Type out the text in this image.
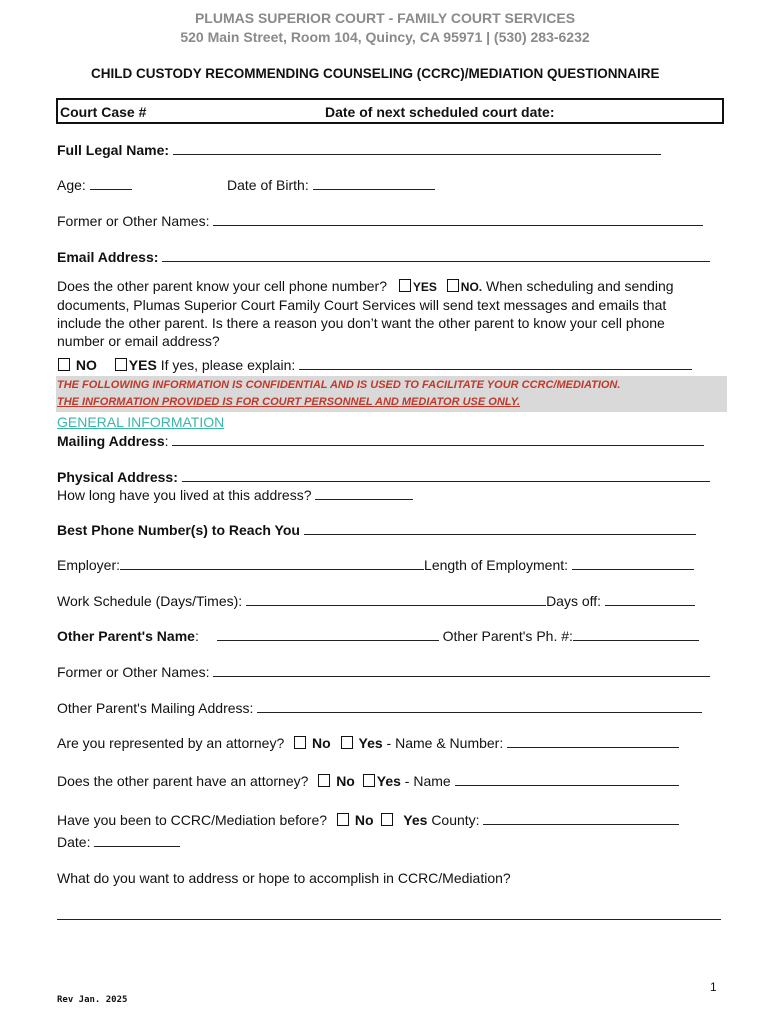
PLUMAS SUPERIOR COURT - FAMILY COURT SERVICES
520 Main Street, Room 104, Quincy, CA 95971 | (530) 283-6232
CHILD CUSTODY RECOMMENDING COUNSELING (CCRC)/MEDIATION QUESTIONNAIRE
Court Case #	Date of next scheduled court date:
Full Legal Name:
Age:	Date of Birth:
Former or Other Names:
Email Address:
Does the other parent know your cell phone number? YES NO. When scheduling and sending
documents, Plumas Superior Court Family Court Services will send text messages and emails that
include the other parent. Is there a reason you don’t want the other parent to know your cell phone
number or email address?
NO YES If yes, please explain:
THE FOLLOWING INFORMATION IS CONFIDENTIAL AND IS USED TO FACILITATE YOUR CCRC/MEDIATION.
THE INFORMATION PROVIDED IS FOR COURT PERSONNEL AND MEDIATOR USE ONLY.
GENERAL INFORMATION
Mailing Address:
Physical Address:
How long have you lived at this address?
Best Phone Number(s) to Reach You
Employer:	Length of Employment:
Work Schedule (Days/Times):	Days off:
Other Parent's Name:	Other Parent's Ph. #:
Former or Other Names:
Other Parent's Mailing Address:
Are you represented by an attorney? No Yes - Name & Number:
Does the other parent have an attorney? No Yes - Name
Have you been to CCRC/Mediation before? No Yes County:
Date:
What do you want to address or hope to accomplish in CCRC/Mediation?
1
Rev Jan. 2025
